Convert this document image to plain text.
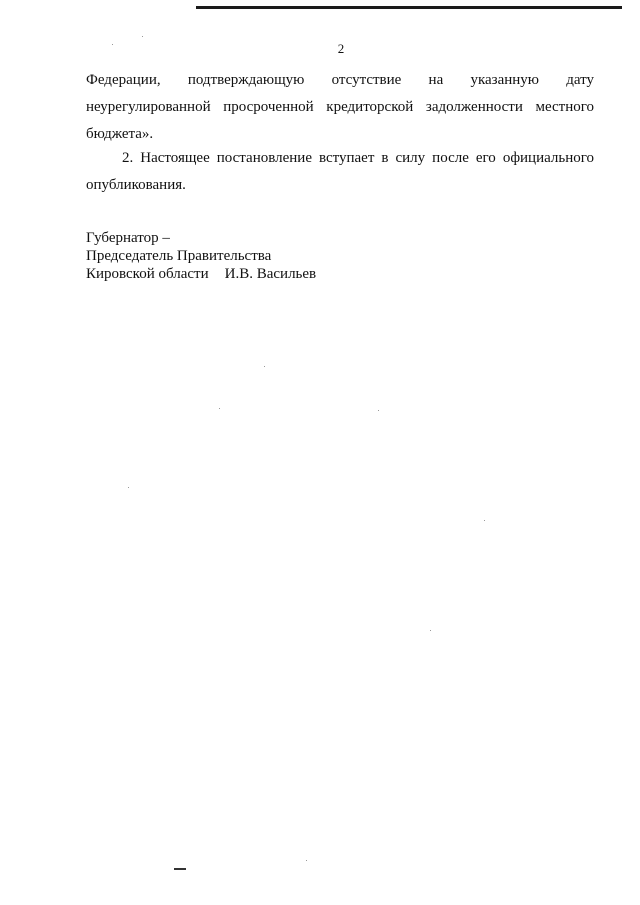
2
Федерации, подтверждающую отсутствие на указанную дату
неурегулированной просроченной кредиторской задолженности местного
бюджета».
2. Настоящее постановление вступает в силу после его официального
опубликования.
Губернатор –
Председатель Правительства
Кировской области И.В. Васильев
